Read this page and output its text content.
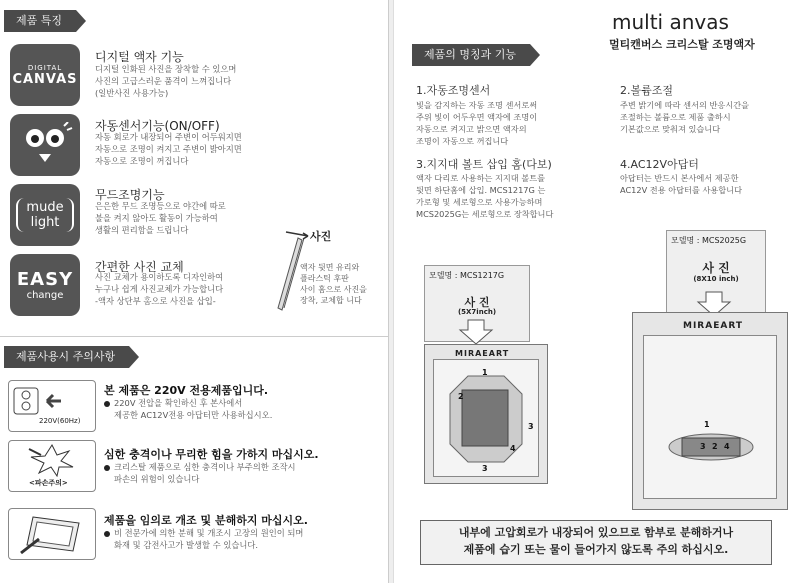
제품 특징
DIGITAL
CANVAS
디지털 액자 기능
디지털 인화된 사진을 장착할 수 있으며
사진의 고급스러운 품격이 느껴집니다
(일반사진 사용가능)
자동센서기능(ON/OFF)
자동 회로가 내장되어 주변이 어두워지면
자동으로 조명이 켜지고 주변이 밝아지면
자동으로 조명이 꺼집니다
mude
light
무드조명기능
은은한 무드 조명등으로 야간에 따로
불을 켜지 않아도 활동이 가능하여
생활의 편리함을 드립니다
EASY
change
간편한 사진 교체
사진 교체가 용이하도록 디자인하여
누구나 쉽게 사진교체가 가능합니다
-액자 상단부 홈으로 사진을 삽입-
사진
액자 뒷면 유리와
플라스틱 후판
사이 홈으로 사진을
장착, 교체합 니다
제품사용시 주의사항
220V(60Hz)
본 제품은 220V 전용제품입니다.
220V 전압을 확인하신 후 본사에서
제공한 AC12V전용 아답터만 사용하십시오.
<파손주의>
심한 충격이나 무리한 힘을 가하지 마십시오.
크리스탈 제품으로 심한 충격이나 부주의한 조작시
파손의 위험이 있습니다
제품을 임의로 개조 및 분해하지 마십시오.
비 전문가에 의한 분해 및 개조시 고장의 원인이 되며
화재 및 감전사고가 발생할 수 있습니다.
multi anvas
멀티캔버스 크리스탈 조명액자
제품의 명칭과 기능
1.자동조명센서
빛을 감지하는 자동 조명 센서로써
주위 빛이 어두우면 액자에 조명이
자동으로 켜지고 밝으면 액자의
조명이 자동으로 꺼집니다
2.볼륨조절
주변 밝기에 따라 센서의 반응시간을
조절하는 볼륨으로 제품 출하시
기본값으로 맞춰져 있습니다
3.지지대 볼트 삽입 홈(다보)
액자 다리로 사용하는 지지대 볼트를
뒷면 하단홈에 삽입. MCS1217G 는
가로형 및 세로형으로 사용가능하며
MCS2025G는 세로형으로 장착합니다
4.AC12V아답터
아답터는 반드시 본사에서 제공한
AC12V 전용 아답터를 사용합니다
모델명 : MCS1217G
사 진
(5X7inch)
MIRAEART
1
2
3
3
4
모델명 : MCS2025G
사 진
(8X10 inch)
MIRAEART
1
3 2 4
내부에 고압회로가 내장되어 있으므로 함부로 분해하거나
제품에 습기 또는 물이 들어가지 않도록 주의 하십시오.
